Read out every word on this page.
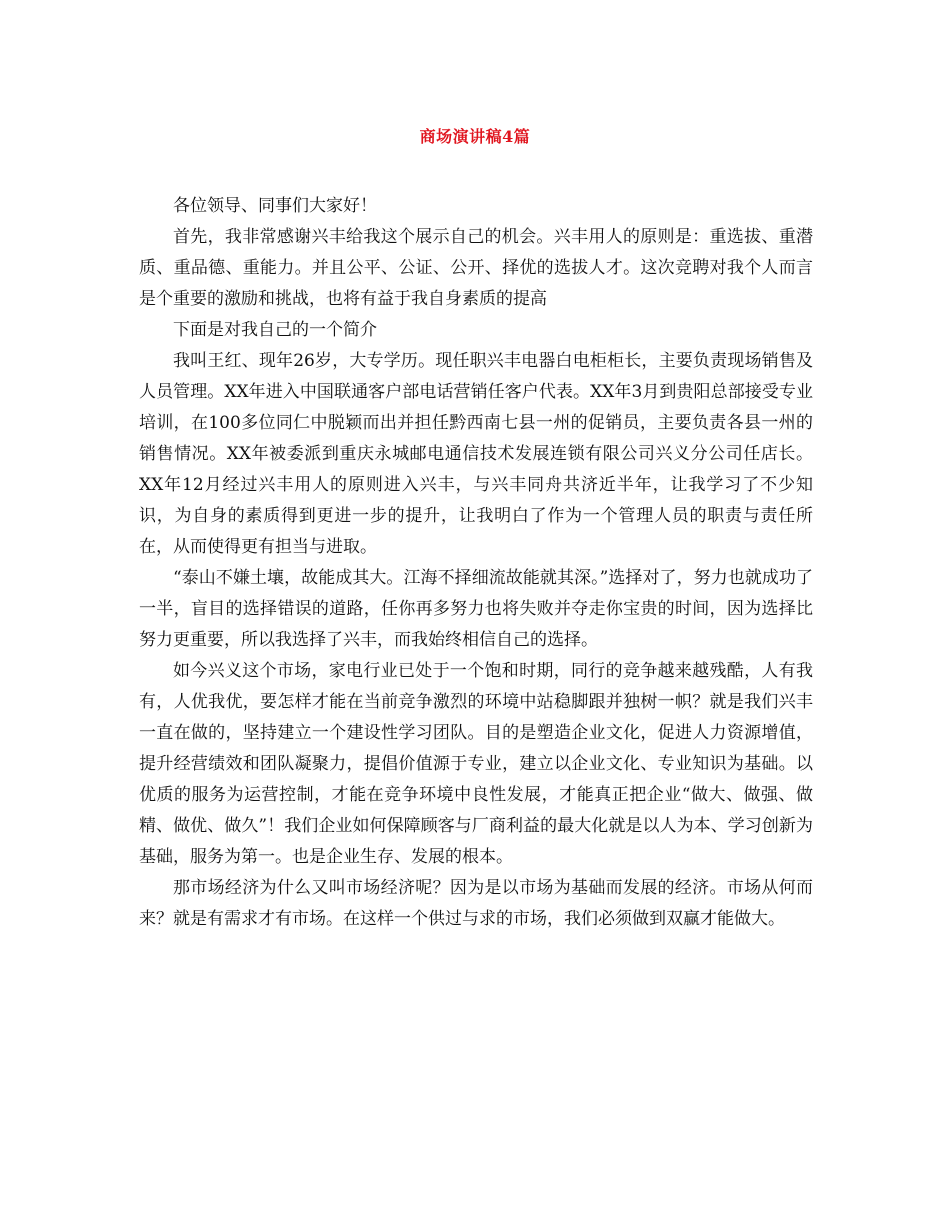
商场演讲稿4篇

各位领导、同事们大家好！

首先，我非常感谢兴丰给我这个展示自己的机会。兴丰用人的原则是：重选拔、重潜质、重品德、重能力。并且公平、公证、公开、择优的选拔人才。这次竞聘对我个人而言是个重要的激励和挑战，也将有益于我自身素质的提高

下面是对我自己的一个简介

我叫王红、现年26岁，大专学历。现任职兴丰电器白电柜柜长，主要负责现场销售及人员管理。XX年进入中国联通客户部电话营销任客户代表。XX年3月到贵阳总部接受专业培训，在100多位同仁中脱颖而出并担任黔西南七县一州的促销员，主要负责各县一州的销售情况。XX年被委派到重庆永城邮电通信技术发展连锁有限公司兴义分公司任店长。XX年12月经过兴丰用人的原则进入兴丰，与兴丰同舟共济近半年，让我学习了不少知识，为自身的素质得到更进一步的提升，让我明白了作为一个管理人员的职责与责任所在，从而使得更有担当与进取。

“泰山不嫌土壤，故能成其大。江海不择细流故能就其深。”选择对了，努力也就成功了一半，盲目的选择错误的道路，任你再多努力也将失败并夺走你宝贵的时间，因为选择比努力更重要，所以我选择了兴丰，而我始终相信自己的选择。

如今兴义这个市场，家电行业已处于一个饱和时期，同行的竞争越来越残酷，人有我有，人优我优，要怎样才能在当前竞争激烈的环境中站稳脚跟并独树一帜？就是我们兴丰一直在做的，坚持建立一个建设性学习团队。目的是塑造企业文化，促进人力资源增值，提升经营绩效和团队凝聚力，提倡价值源于专业，建立以企业文化、专业知识为基础。以优质的服务为运营控制，才能在竞争环境中良性发展，才能真正把企业“做大、做强、做精、做优、做久”！我们企业如何保障顾客与厂商利益的最大化就是以人为本、学习创新为基础，服务为第一。也是企业生存、发展的根本。

那市场经济为什么又叫市场经济呢？因为是以市场为基础而发展的经济。市场从何而来？就是有需求才有市场。在这样一个供过与求的市场，我们必须做到双赢才能做大。
